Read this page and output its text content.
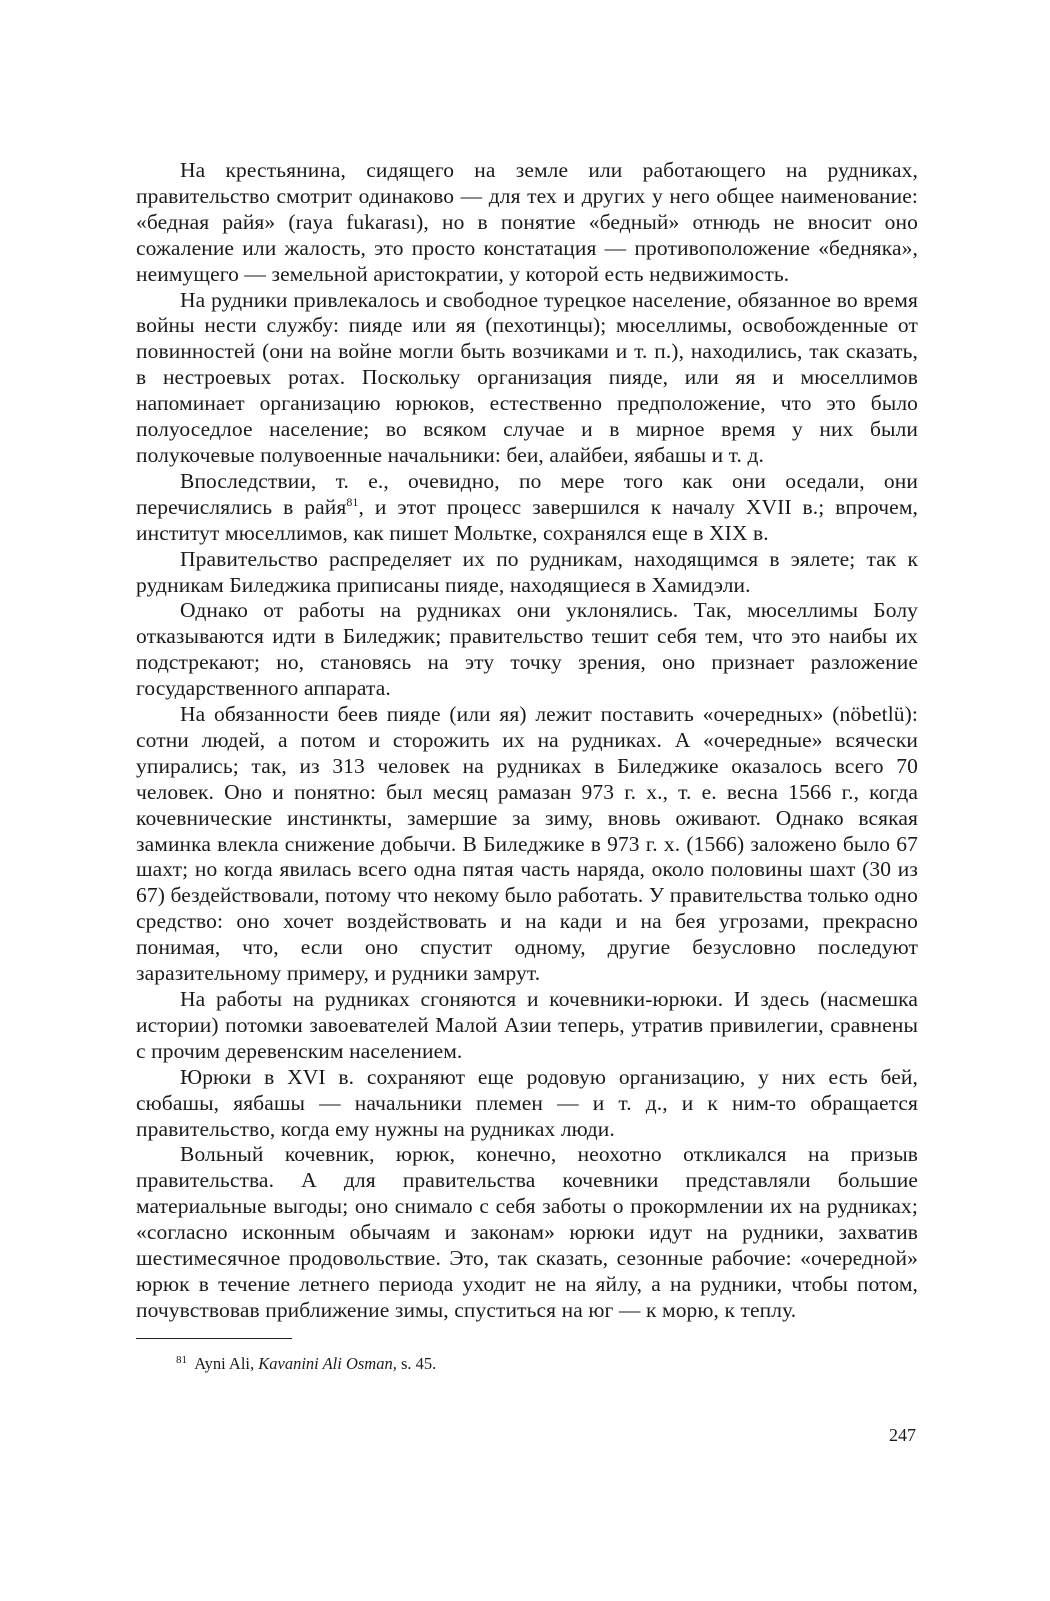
На крестьянина, сидящего на земле или работающего на рудниках, правительство смотрит одинаково — для тех и других у него общее наименование: «бедная райя» (raya fukarası), но в понятие «бедный» отнюдь не вносит оно сожаление или жалость, это просто констатация — противоположение «бедняка», неимущего — земельной аристократии, у которой есть недвижимость.

На рудники привлекалось и свободное турецкое население, обязанное во время войны нести службу: пияде или яя (пехотинцы); мюселлимы, освобожденные от повинностей (они на войне могли быть возчиками и т. п.), находились, так сказать, в нестроевых ротах. Поскольку организация пияде, или яя и мюселлимов напоминает организацию юрюков, естественно предположение, что это было полуоседлое население; во всяком случае и в мирное время у них были полукочевые полувоенные начальники: беи, алайбеи, яябашы и т. д.

Впоследствии, т. е., очевидно, по мере того как они оседали, они перечислялись в райя$^{81}$, и этот процесс завершился к началу XVII в.; впрочем, институт мюселлимов, как пишет Мольтке, сохранялся еще в XIX в.

Правительство распределяет их по рудникам, находящимся в эялете; так к рудникам Биледжика приписаны пияде, находящиеся в Хамидэли.

Однако от работы на рудниках они уклонялись. Так, мюселлимы Болу отказываются идти в Биледжик; правительство тешит себя тем, что это наибы их подстрекают; но, становясь на эту точку зрения, оно признает разложение государственного аппарата.

На обязанности беев пияде (или яя) лежит поставить «очередных» (nöbetlü): сотни людей, а потом и сторожить их на рудниках. А «очередные» всячески упирались; так, из 313 человек на рудниках в Биледжике оказалось всего 70 человек. Оно и понятно: был месяц рамазан 973 г. х., т. е. весна 1566 г., когда кочевнические инстинкты, замершие за зиму, вновь оживают. Однако всякая заминка влекла снижение добычи. В Биледжике в 973 г. х. (1566) заложено было 67 шахт; но когда явилась всего одна пятая часть наряда, около половины шахт (30 из 67) бездействовали, потому что некому было работать. У правительства только одно средство: оно хочет воздействовать и на кади и на бея угрозами, прекрасно понимая, что, если оно спустит одному, другие безусловно последуют заразительному примеру, и рудники замрут.

На работы на рудниках сгоняются и кочевники-юрюки. И здесь (насмешка истории) потомки завоевателей Малой Азии теперь, утратив привилегии, сравнены с прочим деревенским населением.

Юрюки в XVI в. сохраняют еще родовую организацию, у них есть бей, сюбашы, яябашы — начальники племен — и т. д., и к ним-то обращается правительство, когда ему нужны на рудниках люди.

Вольный кочевник, юрюк, конечно, неохотно откликался на призыв правительства. А для правительства кочевники представляли большие материальные выгоды; оно снимало с себя заботы о прокормлении их на рудниках; «согласно исконным обычаям и законам» юрюки идут на рудники, захватив шестимесячное продовольствие. Это, так сказать, сезонные рабочие: «очередной» юрюк в течение летнего периода уходит не на яйлу, а на рудники, чтобы потом, почувствовав приближение зимы, спуститься на юг — к морю, к теплу.

$^{81}$ Ayni Ali, Kavanini Ali Osman, s. 45.

247
